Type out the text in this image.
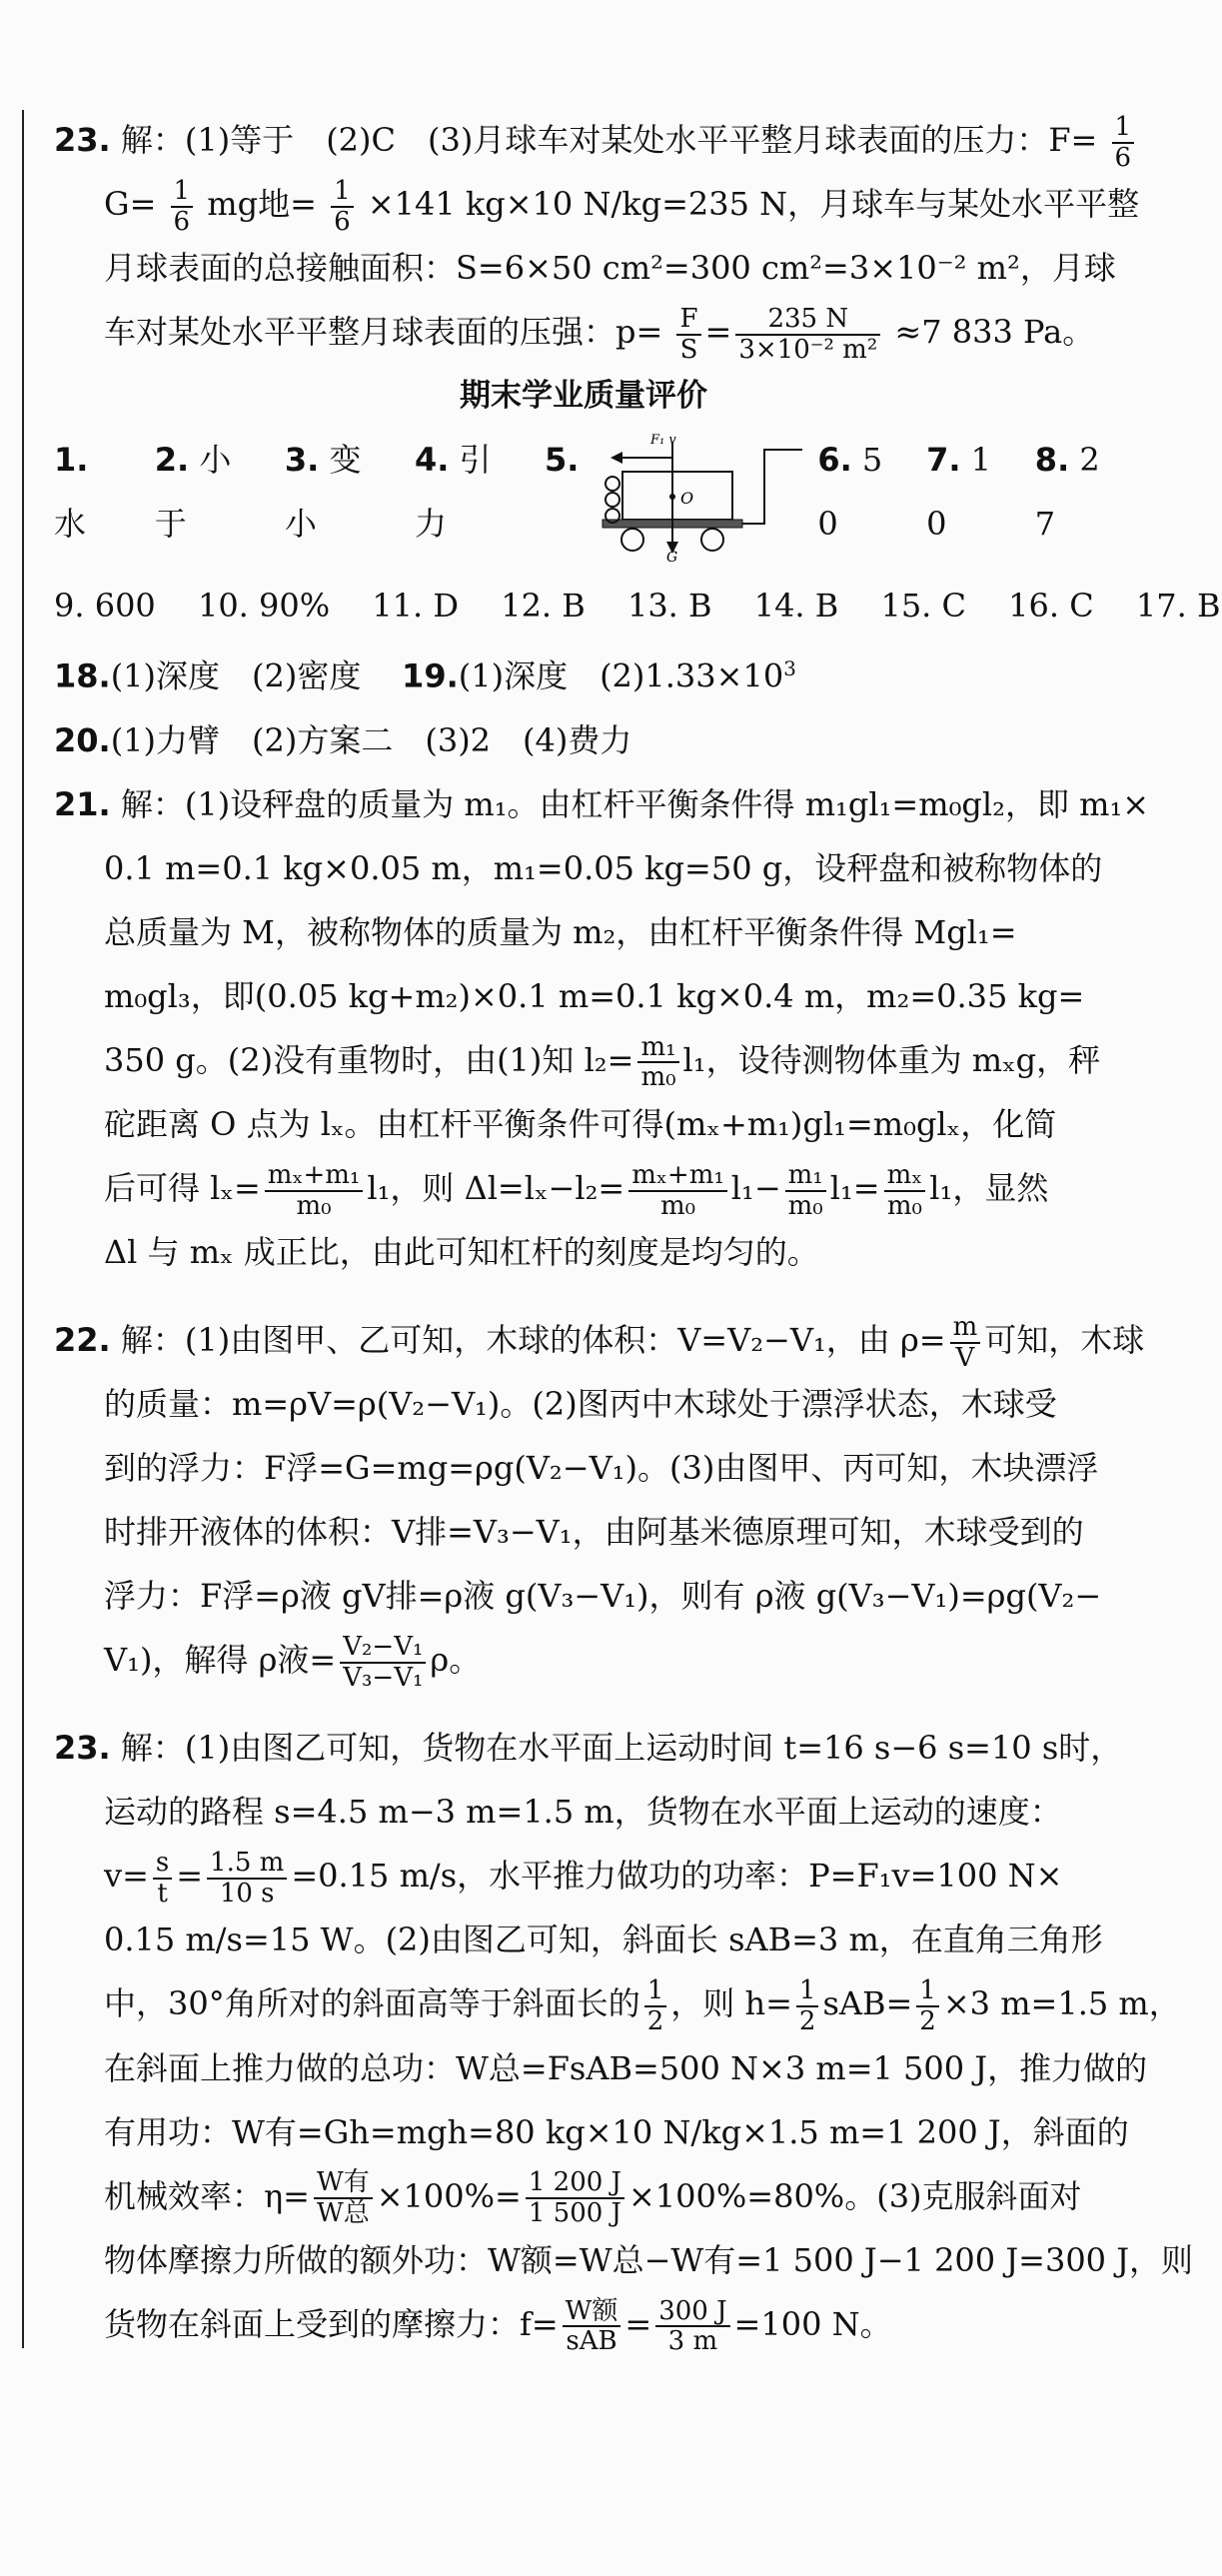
23. 解：(1)等于　(2)C　(3)月球车对某处水平平整月球表面的压力：$F= \frac{1}{6}$
$G= \frac{1}{6}$ mg地= $\frac{1}{6} \times 141$ kg×10 N/kg=235 N，月球车与某处水平平整
月球表面的总接触面积：S=6×50 cm²=300 cm²=3×10⁻² m²，月球
车对某处水平平整月球表面的压强：$p= \frac{F}{S} = \frac{235 N}{\text{3×10⁻² m²}} \approx 7$ 833 Pa。
期末学业质量评价
1. 水

2. 小于

3. 变小

4. 引力

5.
O
F₁ v
G
6. 50

7. 10

8. 27
9. 600　 10. 90%　 11. D　 12. B　 13. B　 14. B　 15. C　 16. C　 17. B
18.(1)深度　(2)密度 19.(1)深度　$(2)1.33\times 10^3$
20.(1)力臂　(2)方案二　(3)2　(4)费力
21. 解：(1)设秤盘的质量为 m₁。由杠杆平衡条件得 m₁gl₁=m₀gl₂，即 m₁×
0.1 m=0.1 kg×0.05 m，m₁=0.05 kg=50 g，设秤盘和被称物体的
总质量为 M，被称物体的质量为 m₂，由杠杆平衡条件得 Mgl₁=
m₀gl₃，即(0.05 kg+m₂)×0.1 m=0.1 kg×0.4 m，m₂=0.35 kg=
350 g。(2)没有重物时，由(1)知 $l_2= \frac{\text{m₁}}{\text{m₀}} l_1$，设待测物体重为 mₓg，秤
砣距离 O 点为 lₓ。由杠杆平衡条件可得(mₓ+m₁)gl₁=m₀glₓ，化简
后可得 $l_x= \frac{\text{mₓ+m₁}}{\text{m₀}} l_1$，则 $\Delta l=l_x-l_2= \frac{\text{mₓ+m₁}}{\text{m₀}} l_1- \frac{\text{m₁}}{\text{m₀}} l_1= \frac{\text{mₓ}}{\text{m₀}} l_1$，显然
Δl 与 mₓ 成正比，由此可知杠杆的刻度是均匀的。
22. 解：(1)由图甲、乙可知，木球的体积：V=V₂−V₁，由 $\rho= \frac{m}{V}$ 可知，木球
的质量：m=ρV=ρ(V₂−V₁)。(2)图丙中木球处于漂浮状态，木球受
到的浮力：F浮=G=mg=ρg(V₂−V₁)。(3)由图甲、丙可知，木块漂浮
时排开液体的体积：V排=V₃−V₁，由阿基米德原理可知，木球受到的
浮力：F浮=ρ液 gV排=ρ液 g(V₃−V₁)，则有 ρ液 g(V₃−V₁)=ρg(V₂−
V₁)，解得 ρ液= $\frac{\text{V₂−V₁}}{\text{V₃−V₁}}$ ρ。
23. 解：(1)由图乙可知，货物在水平面上运动时间 t=16 s−6 s=10 s时，
运动的路程 s=4.5 m−3 m=1.5 m，货物在水平面上运动的速度：
$v= \frac{s}{t} = \frac{1.5 m}{10 s} =0.15$ m/s，水平推力做功的功率：P=F₁v=100 N×
0.15 m/s=15 W。(2)由图乙可知，斜面长 sAB=3 m，在直角三角形
中，30°角所对的斜面高等于斜面长的 $\frac{1}{2}$ ，则 $h= \frac{1}{2} sAB= \frac{1}{2} \times 3$ m=1.5 m，
在斜面上推力做的总功：W总=FsAB=500 N×3 m=1 500 J，推力做的
有用功：W有=Gh=mgh=80 kg×10 N/kg×1.5 m=1 200 J，斜面的
机械效率：$\eta= \frac{\text{W有}}{\text{W总}} \times 100\%= \frac{1 200 J}{1 500 J} \times 100\%=80\%$。(3)克服斜面对
物体摩擦力所做的额外功：W额=W总−W有=1 500 J−1 200 J=300 J，则
货物在斜面上受到的摩擦力：$f= \frac{\text{W额}}{\text{sAB}} = \frac{300 J}{3 m} =100$ N。
